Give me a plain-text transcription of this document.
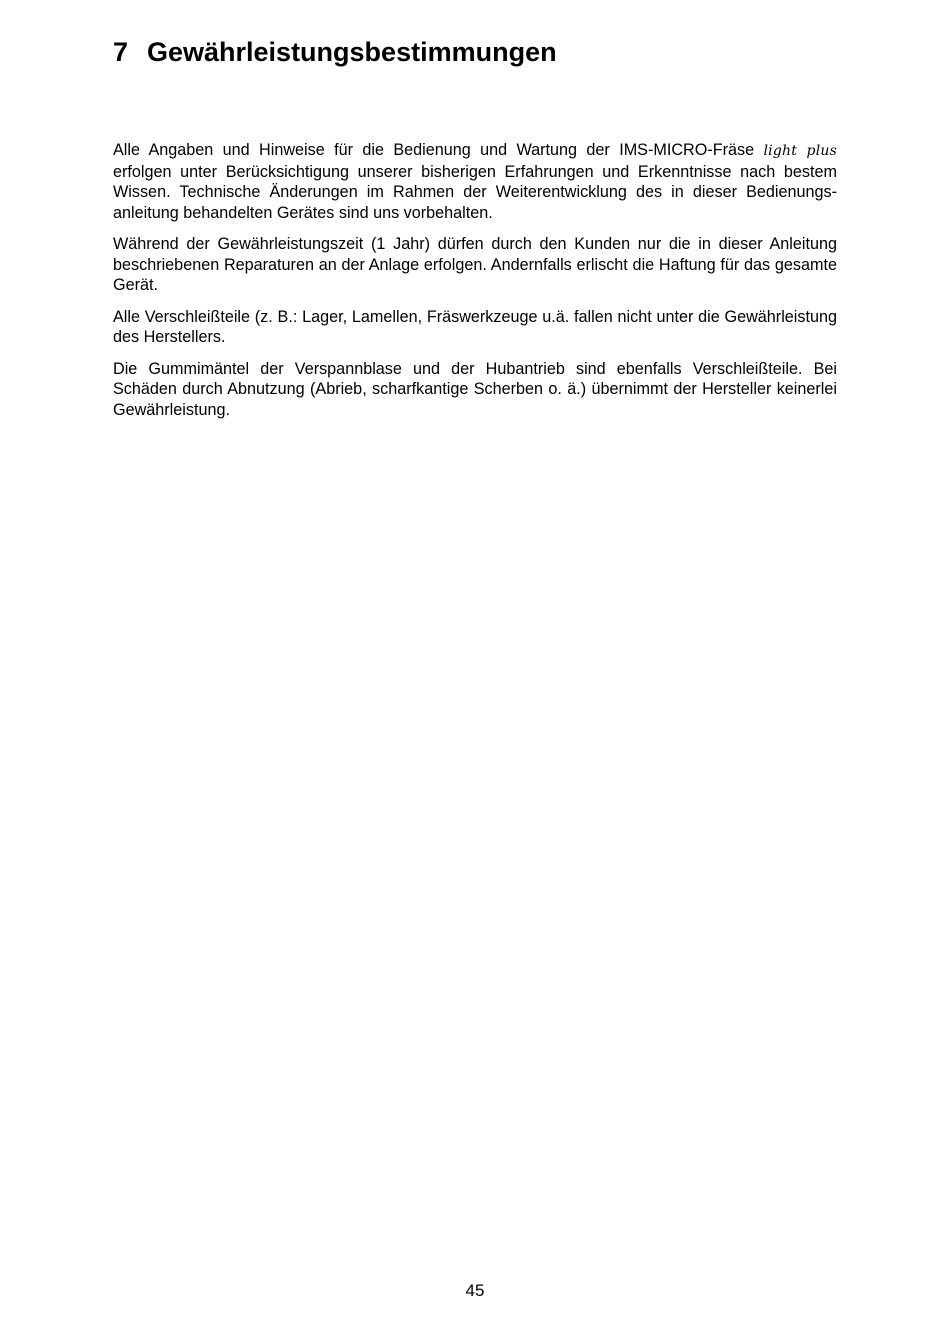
7 Gewährleistungsbestimmungen

Alle Angaben und Hinweise für die Bedienung und Wartung der IMS-MICRO-Fräse light plus erfolgen unter Berücksichtigung unserer bisherigen Erfahrungen und Erkenntnisse nach bestem Wissen. Technische Änderungen im Rahmen der Weiterentwicklung des in dieser Bedienungs-anleitung behandelten Gerätes sind uns vorbehalten.

Während der Gewährleistungszeit (1 Jahr) dürfen durch den Kunden nur die in dieser Anleitung beschriebenen Reparaturen an der Anlage erfolgen. Andernfalls erlischt die Haftung für das gesamte Gerät.

Alle Verschleißteile (z. B.: Lager, Lamellen, Fräswerkzeuge u.ä. fallen nicht unter die Gewährleistung des Herstellers.

Die Gummimäntel der Verspannblase und der Hubantrieb sind ebenfalls Verschleißteile. Bei Schäden durch Abnutzung (Abrieb, scharfkantige Scherben o. ä.) übernimmt der Hersteller keinerlei Gewährleistung.

45
